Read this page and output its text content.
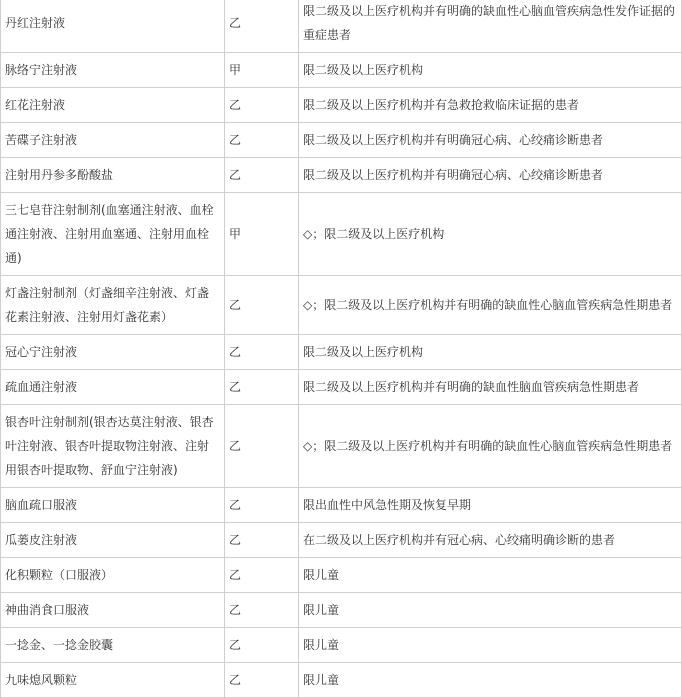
丹红注射液	乙	限二级及以上医疗机构并有明确的缺血性心脑血管疾病急性发作证据的重症患者
脉络宁注射液	甲	限二级及以上医疗机构
红花注射液	乙	限二级及以上医疗机构并有急救抢救临床证据的患者
苦碟子注射液	乙	限二级及以上医疗机构并有明确冠心病、心绞痛诊断患者
注射用丹参多酚酸盐	乙	限二级及以上医疗机构并有明确冠心病、心绞痛诊断患者
三七皂苷注射制剂(血塞通注射液、血栓通注射液、注射用血塞通、注射用血栓通)	甲	◇；限二级及以上医疗机构
灯盏注射制剂（灯盏细辛注射液、灯盏花素注射液、注射用灯盏花素）	乙	◇；限二级及以上医疗机构并有明确的缺血性心脑血管疾病急性期患者
冠心宁注射液	乙	限二级及以上医疗机构
疏血通注射液	乙	限二级及以上医疗机构并有明确的缺血性脑血管疾病急性期患者
银杏叶注射制剂(银杏达莫注射液、银杏叶注射液、银杏叶提取物注射液、注射用银杏叶提取物、舒血宁注射液)	乙	◇；限二级及以上医疗机构并有明确的缺血性心脑血管疾病急性期患者
脑血疏口服液	乙	限出血性中风急性期及恢复早期
瓜蒌皮注射液	乙	在二级及以上医疗机构并有冠心病、心绞痛明确诊断的患者
化积颗粒（口服液）	乙	限儿童
神曲消食口服液	乙	限儿童
一捻金、一捻金胶囊	乙	限儿童
九味熄风颗粒	乙	限儿童
